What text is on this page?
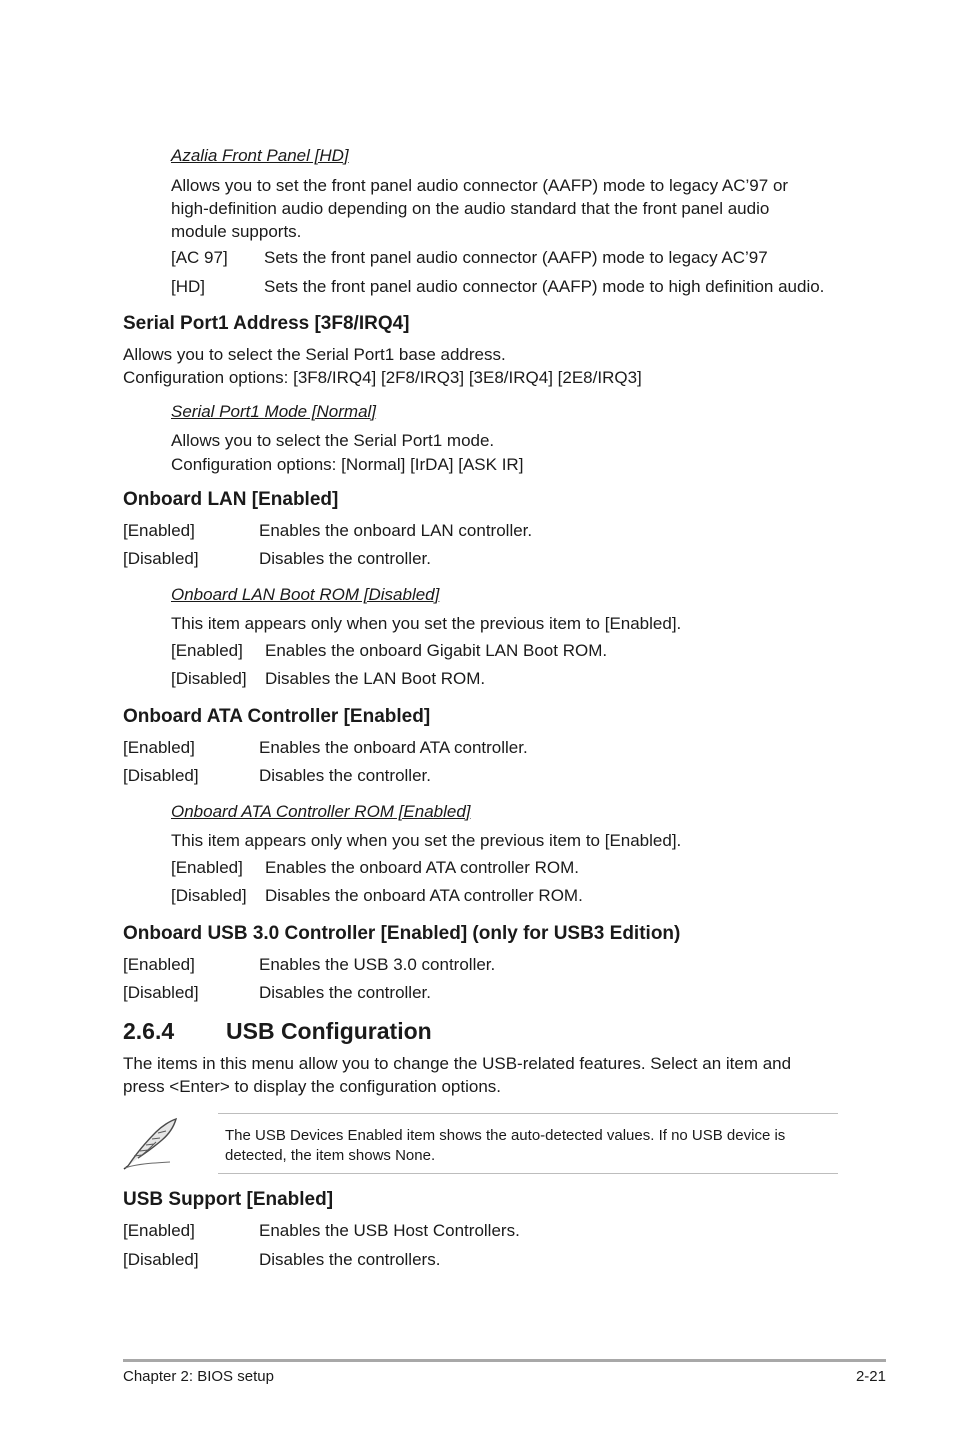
Azalia Front Panel [HD]
Allows you to set the front panel audio connector (AAFP) mode to legacy AC’97 or
high-definition audio depending on the audio standard that the front panel audio
module supports.
[AC 97] Sets the front panel audio connector (AAFP) mode to legacy AC’97
[HD]	Sets the front panel audio connector (AAFP) mode to high definition audio.
Serial Port1 Address [3F8/IRQ4]
Allows you to select the Serial Port1 base address.
Configuration options: [3F8/IRQ4] [2F8/IRQ3] [3E8/IRQ4] [2E8/IRQ3]
Serial Port1 Mode [Normal]
Allows you to select the Serial Port1 mode.
Configuration options: [Normal] [IrDA] [ASK IR]
Onboard LAN [Enabled]
[Enabled]	Enables the onboard LAN controller.
[Disabled]	Disables the controller.
Onboard LAN Boot ROM [Disabled]
This item appears only when you set the previous item to [Enabled].
[Enabled] Enables the onboard Gigabit LAN Boot ROM.
[Disabled] Disables the LAN Boot ROM.
Onboard ATA Controller [Enabled]
[Enabled]	Enables the onboard ATA controller.
[Disabled]	Disables the controller.
Onboard ATA Controller ROM [Enabled]
This item appears only when you set the previous item to [Enabled].
[Enabled] Enables the onboard ATA controller ROM.
[Disabled] Disables the onboard ATA controller ROM.
Onboard USB 3.0 Controller [Enabled] (only for USB3 Edition)
[Enabled]	Enables the USB 3.0 controller.
[Disabled]	Disables the controller.
2.6.4 USB Configuration
The items in this menu allow you to change the USB-related features. Select an item and
press <Enter> to display the configuration options.
The USB Devices Enabled item shows the auto-detected values. If no USB device is
detected, the item shows None.
USB Support [Enabled]
[Enabled]	Enables the USB Host Controllers.
[Disabled]	Disables the controllers.
Chapter 2: BIOS setup	2-21
